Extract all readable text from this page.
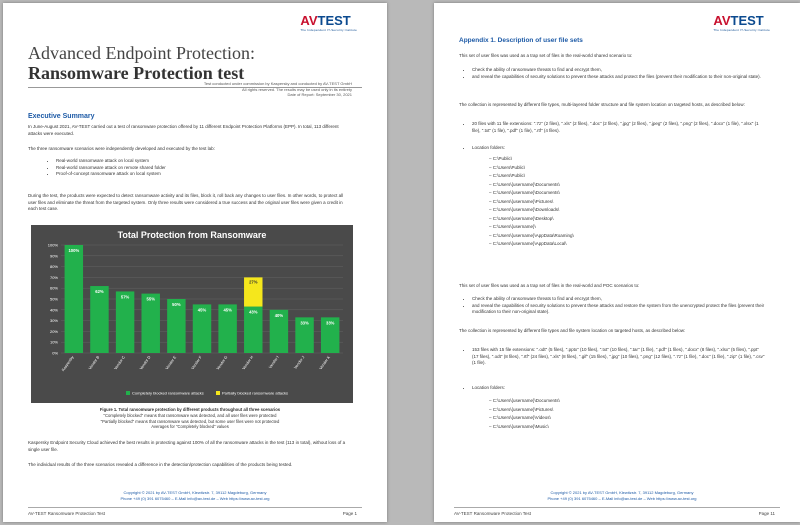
AVTEST
The Independent IT-Security Institute
Advanced Endpoint Protection:
Ransomware Protection test
Test conducted under commission by Kaspersky and conducted by AV-TEST GmbH
All rights reserved. The results may be used only in its entirety
Date of Report: September 30, 2021
Executive Summary
In June-August 2021, AV-TEST carried out a test of ransomware protection offered by 11 different Endpoint Protection Platforms (EPP). In total, 113 different attacks were executed.
The three ransomware scenarios were independently developed and executed by the test lab:
• Real-world ransomware attack on local system
• Real-world ransomware attack on remote shared folder
• Proof-of-concept ransomware attack on local system
During the test, the products were expected to detect ransomware activity and its files, block it, roll back any changes to user files. In other words, to protect all user files and eliminate the threat from the targeted system. Only three results were considered a true success and the original user files were given a credit in each test case.
Total Protection from Ransomware
0%
10%
20%
30%
40%
50%
60%
70%
80%
90%
100%
100%
Kaspersky
62%
Vendor B
57%
Vendor C
55%
Vendor D
50%
Vendor E
45%
Vendor F
45%
Vendor G
27%
43%
Vendor H
40%
Vendor I
33%
Vendor J
33%
Vendor K
Completely blocked ransomware attacks	Partially blocked ransomware attacks
Figure 1. Total ransomware protection by different products throughout all three scenarios
"Completely blocked" means that ransomware was detected, and all user files were protected
"Partially blocked" means that ransomware was detected, but some user files were not protected
Averages for "Completely blocked" values
Kaspersky Endpoint Security Cloud achieved the best results in protecting against 100% of all the ransomware attacks in the test (113 in total), without loss of a single user file.
The individual results of the three scenarios revealed a difference in the detection/protection capabilities of the products being tested.
Copyright © 2021 by AV-TEST GmbH, Klewitzstr. 7, 39112 Magdeburg, Germany
Phone +49 (0) 391 6075460 – E-Mail info@av-test.de – Web https://www.av-test.org
AV-TEST Ransomware Protection Test	Page 1
AVTEST
The Independent IT-Security Institute
Appendix 1. Description of user file sets
This set of user files was used as a trap set of files in the real-world shared scenario to:
• Check the ability of ransomware threats to find and encrypt them,
• and reveal the capabilities of security solutions to prevent these attacks and protect the files (prevent their modification to their non-original state).
The collection is represented by different file types, multi-layered folder structure and file system location on targeted hosts, as described below:
• 20 files with 11 file extensions: ".7z" (2 files), ".xls" (2 files), ".doc" (2 files), ".jpg" (2 files), ".jpeg" (2 files), ".png" (2 files), ".docx" (1 file), ".xlsx" (1 file), ".txt" (1 file), ".pdf" (1 file), ".rtf" (4 files).
• Location folders:
– C:\Public\
– C:\Users\Public\
– C:\Users\Public\
– C:\Users\{username}\Documents\
– C:\Users\{username}\Documents\
– C:\Users\{username}\Pictures\
– C:\Users\{username}\Downloads\
– C:\Users\{username}\Desktop\
– C:\Users\{username}\
– C:\Users\{username}\AppData\Roaming\
– C:\Users\{username}\AppData\Local\
This set of user files was used as a trap set of files in the real-world and POC scenarios to:
• Check the ability of ransomware threats to find and encrypt them,
• and reveal the capabilities of security solutions to prevent these attacks and restore the system from the unencrypted protect the files (prevent their modification to their non-original state).
The collection is represented by different file types and file system location on targeted hosts, as described below:
• 153 files with 15 file extensions: ".odt" (5 files), ".pptx" (10 files), ".txt" (10 files), ".tar" (1 file), ".pdf" (1 files), ".docx" (8 files), ".xlsx" (5 files), ".ppt" (17 files), ".odt" (8 files), ".rtf" (24 files), ".xls" (8 files), ".gif" (15 files), ".jpg" (10 files), ".png" (12 files), ".7z" (1 file), ".doc" (1 file), ".zip" (1 file), ".csv" (1 file).
• Location folders:
– C:\Users\{username}\Documents\
– C:\Users\{username}\Pictures\
– C:\Users\{username}\Videos\
– C:\Users\{username}\Music\
Copyright © 2021 by AV-TEST GmbH, Klewitzstr. 7, 39112 Magdeburg, Germany
Phone +49 (0) 391 6075460 – E-Mail info@av-test.de – Web https://www.av-test.org
AV-TEST Ransomware Protection Test	Page 11
